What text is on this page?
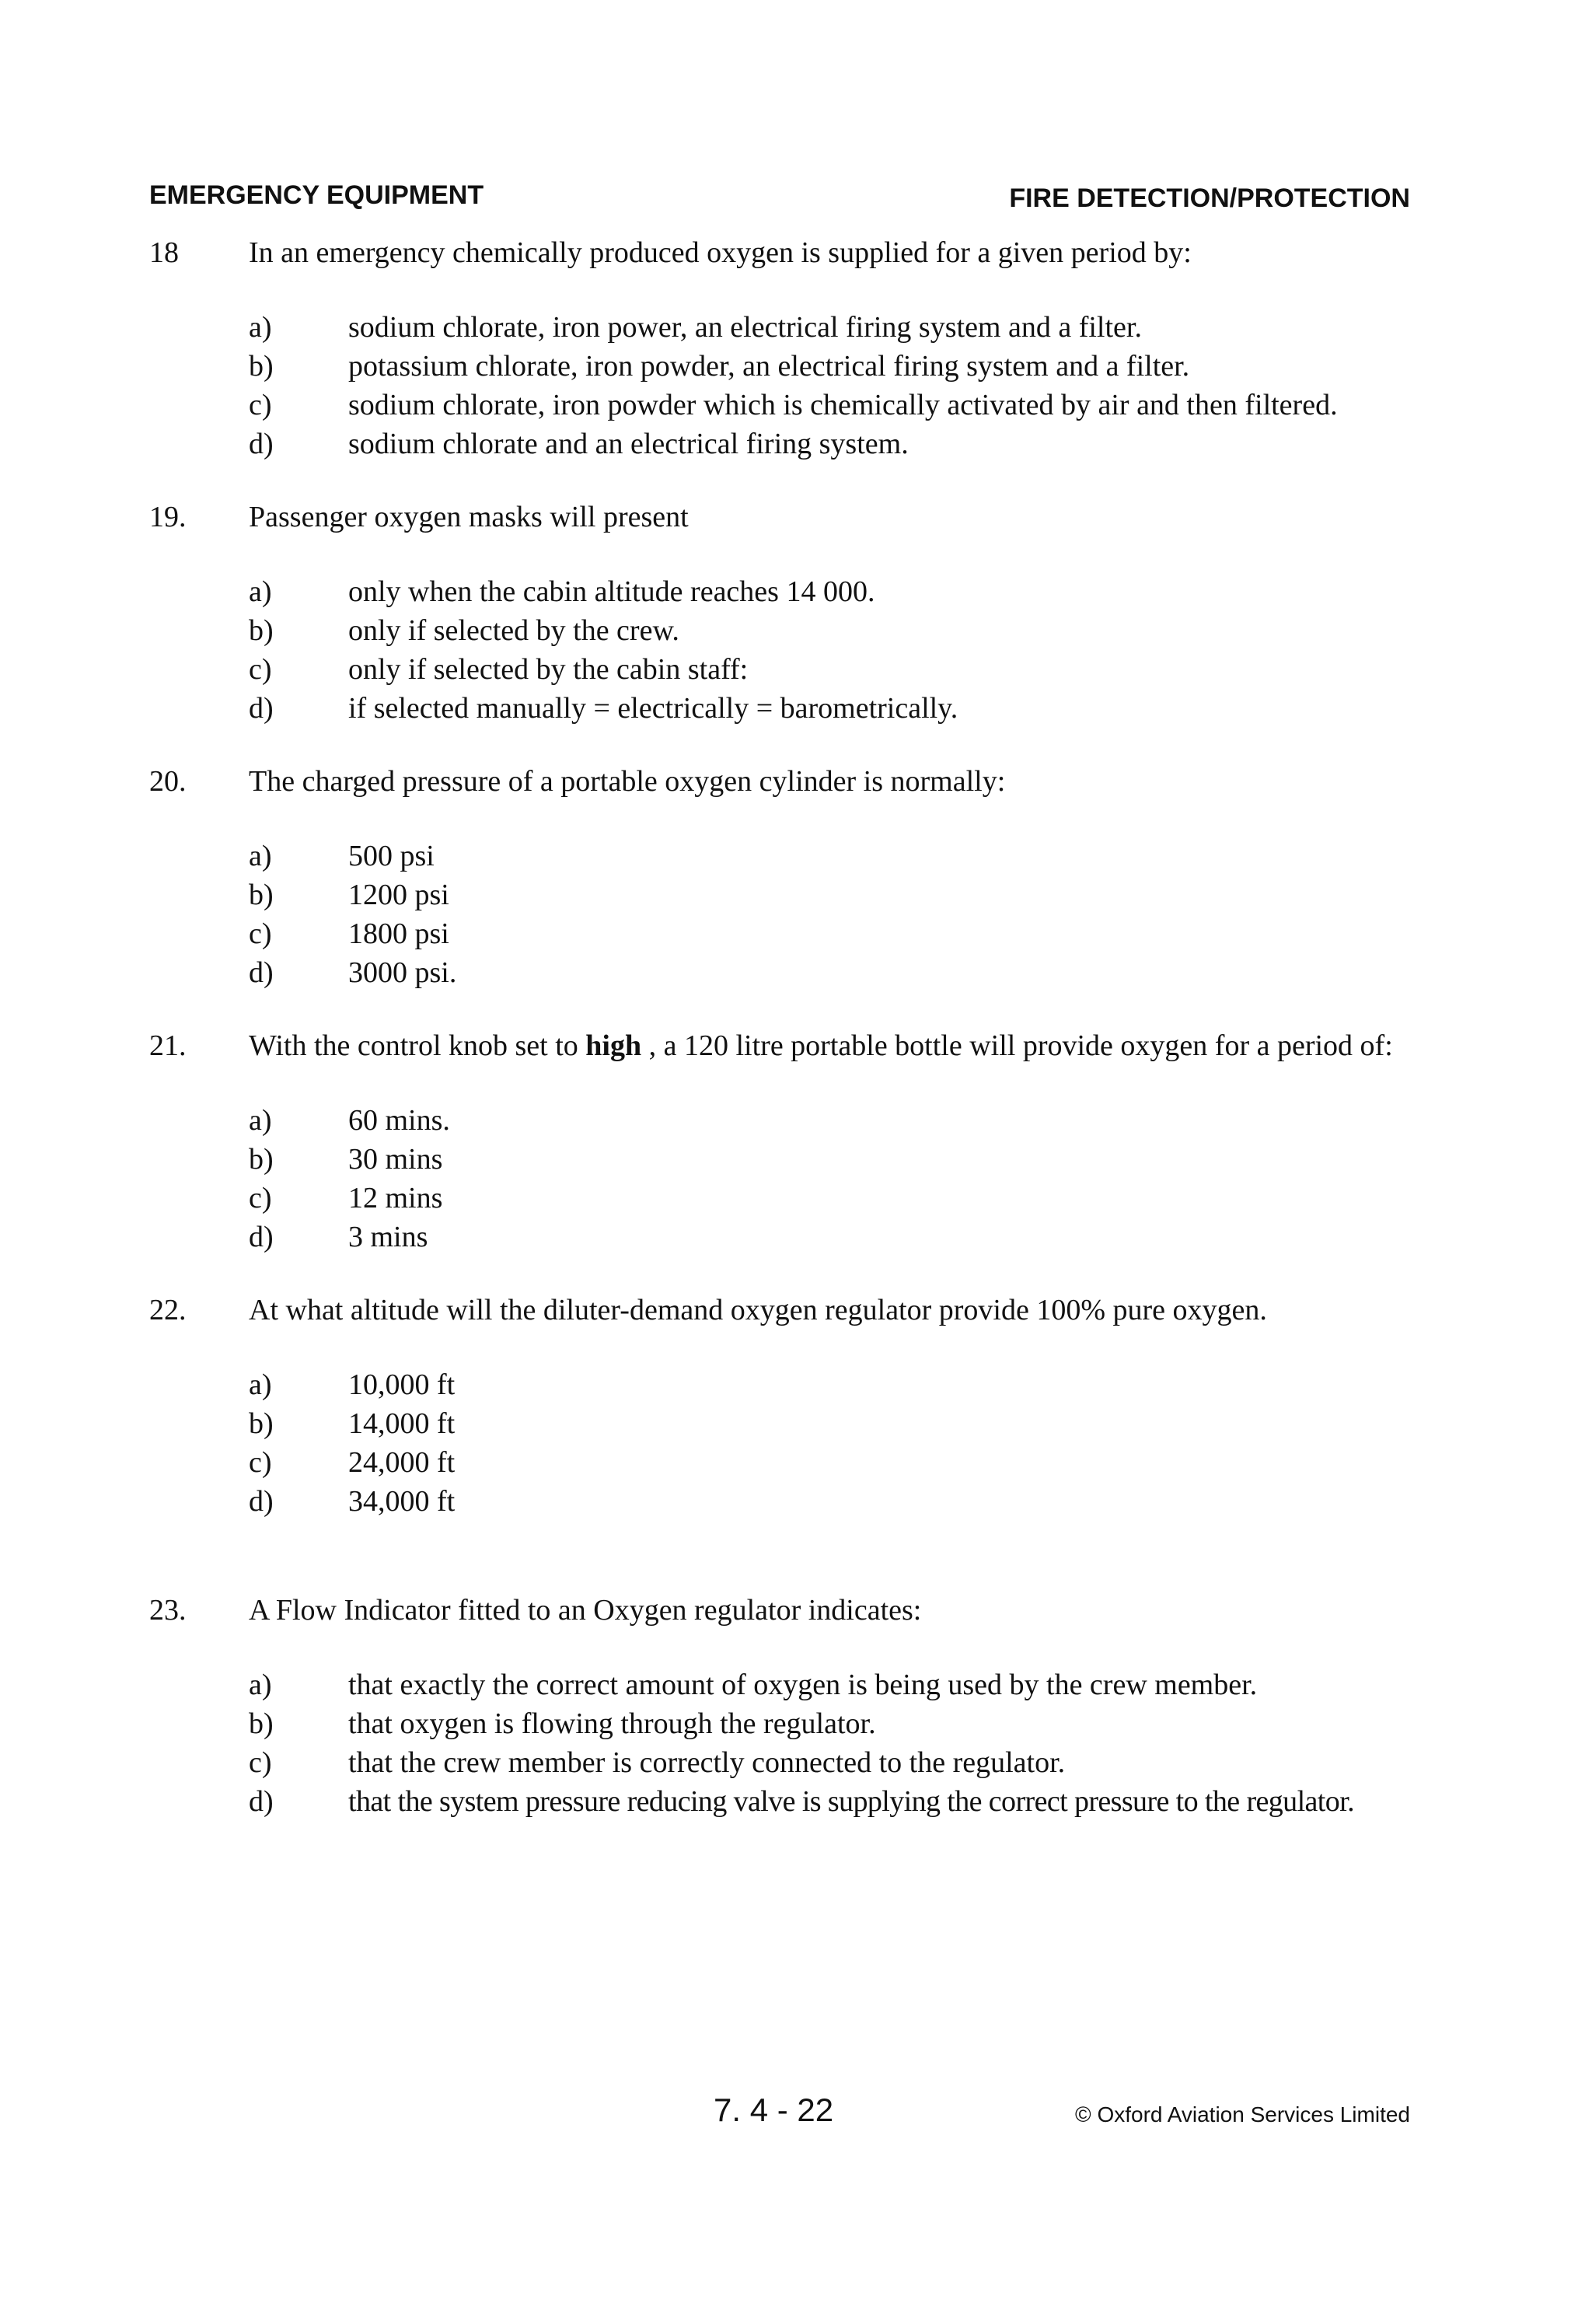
EMERGENCY EQUIPMENT	FIRE DETECTION/PROTECTION
18 In an emergency chemically produced oxygen is supplied for a given period by:
a)	sodium chlorate, iron power, an electrical firing system and a filter.
b)	potassium chlorate, iron powder, an electrical firing system and a filter.
c)	sodium chlorate, iron powder which is chemically activated by air and then filtered.
d)	sodium chlorate and an electrical firing system.
19. Passenger oxygen masks will present
a)	only when the cabin altitude reaches 14 000.
b)	only if selected by the crew.
c)	only if selected by the cabin staff:
d)	if selected manually = electrically = barometrically.
20. The charged pressure of a portable oxygen cylinder is normally:
a)	500 psi
b)	1200 psi
c)	1800 psi
d)	3000 psi.
21. With the control knob set to high , a 120 litre portable bottle will provide oxygen for a period of:
a)	60 mins.
b)	30 mins
c)	12 mins
d)	3 mins
22. At what altitude will the diluter-demand oxygen regulator provide 100% pure oxygen.
a)	10,000 ft
b)	14,000 ft
c)	24,000 ft
d)	34,000 ft
23. A Flow Indicator fitted to an Oxygen regulator indicates:
a)	that exactly the correct amount of oxygen is being used by the crew member.
b)	that oxygen is flowing through the regulator.
c)	that the crew member is correctly connected to the regulator.
d)	that the system pressure reducing valve is supplying the correct pressure to the regulator.
7. 4 - 22	© Oxford Aviation Services Limited
